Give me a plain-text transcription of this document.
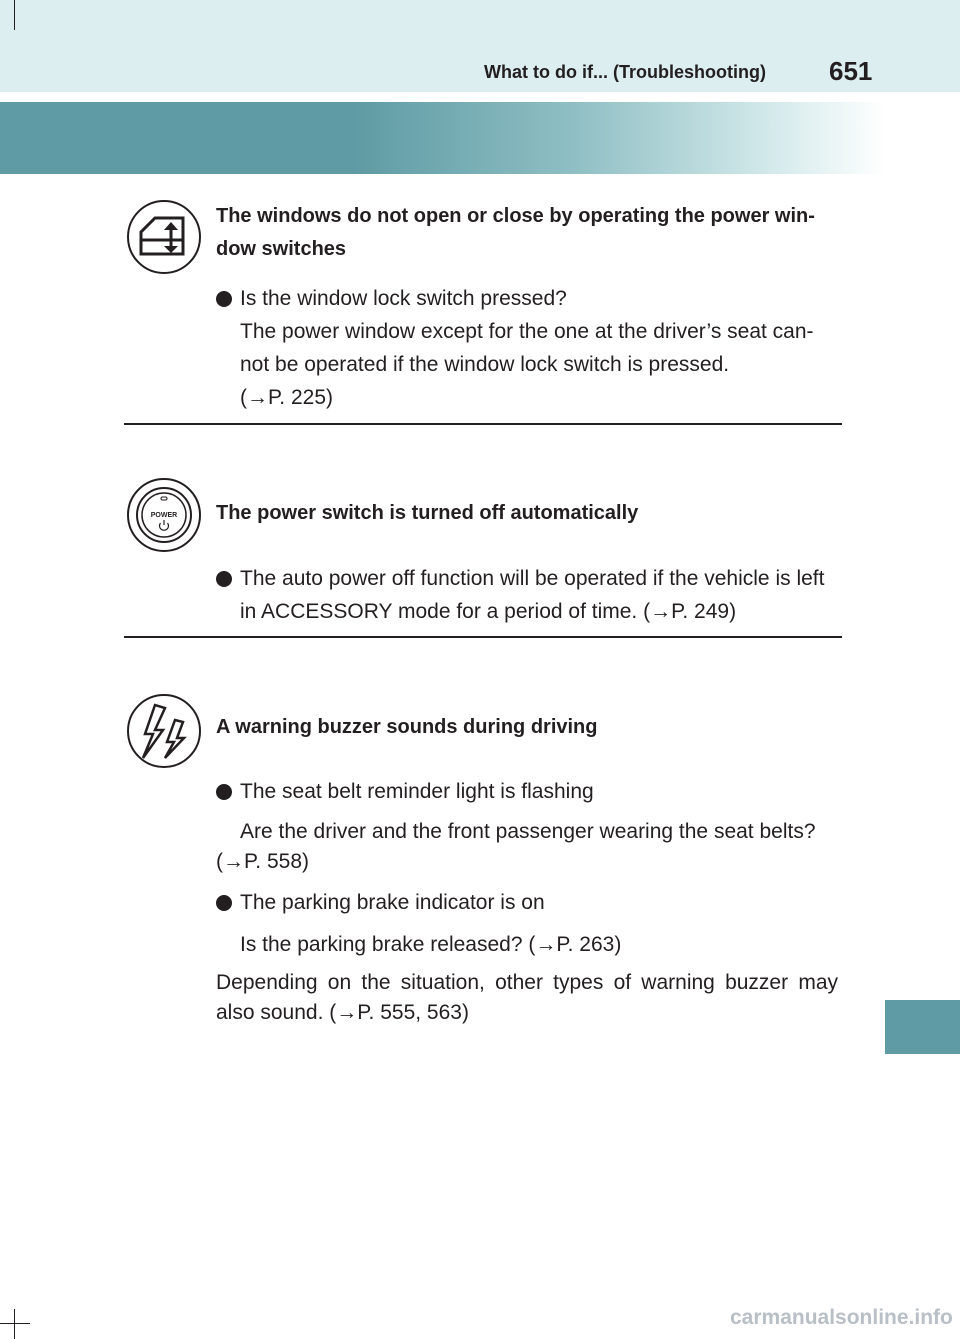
What to do if... (Troubleshooting) 651
The windows do not open or close by operating the power win-
dow switches
Is the window lock switch pressed?
The power window except for the one at the driver’s seat can-
not be operated if the window lock switch is pressed.
(→P. 225)
POWER The power switch is turned off automatically
The auto power off function will be operated if the vehicle is left
in ACCESSORY mode for a period of time. (→P. 249)
A warning buzzer sounds during driving
The seat belt reminder light is flashing
Are the driver and the front passenger wearing the seat belts?
(→P. 558)
The parking brake indicator is on
Is the parking brake released? (→P. 263)
Depending on the situation, other types of warning buzzer may
also sound. (→P. 555, 563)
carmanualsonline.info
